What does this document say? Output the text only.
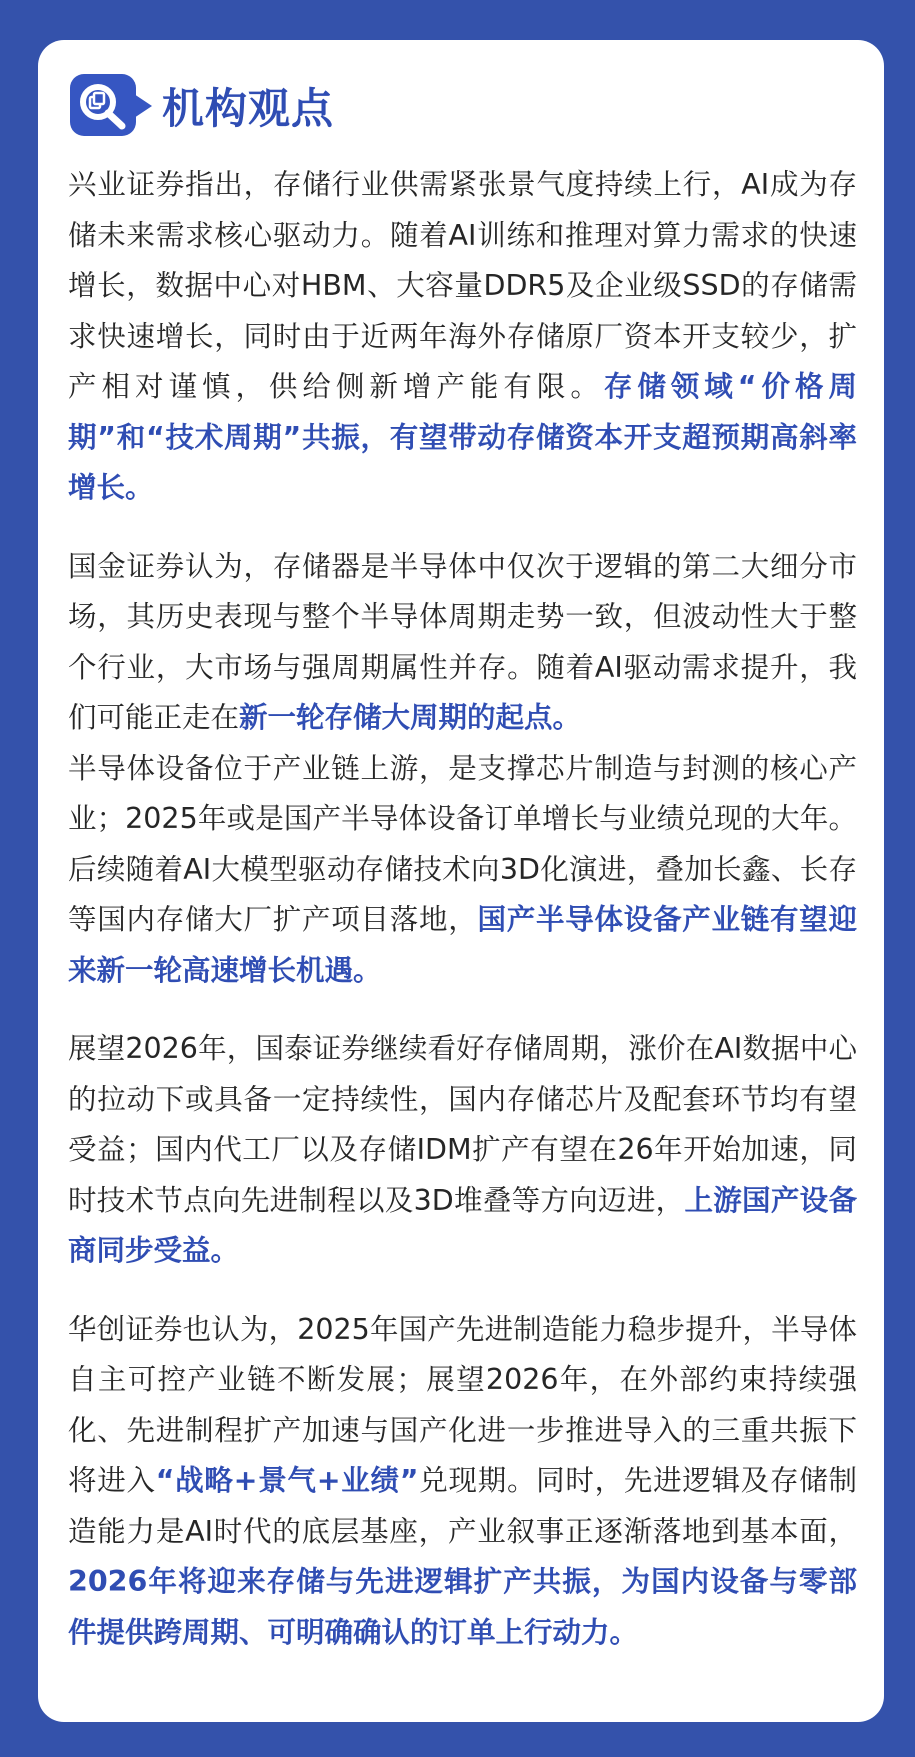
机构观点

兴业证券指出，存储行业供需紧张景气度持续上行，AI成为存储未来需求核心驱动力。随着AI训练和推理对算力需求的快速增长，数据中心对HBM、大容量DDR5及企业级SSD的存储需求快速增长，同时由于近两年海外存储原厂资本开支较少，扩产相对谨慎，供给侧新增产能有限。存储领域“价格周期”和“技术周期”共振，有望带动存储资本开支超预期高斜率增长。

国金证券认为，存储器是半导体中仅次于逻辑的第二大细分市场，其历史表现与整个半导体周期走势一致，但波动性大于整个行业，大市场与强周期属性并存。随着AI驱动需求提升，我们可能正走在新一轮存储大周期的起点。
半导体设备位于产业链上游，是支撑芯片制造与封测的核心产业；2025年或是国产半导体设备订单增长与业绩兑现的大年。后续随着AI大模型驱动存储技术向3D化演进，叠加长鑫、长存等国内存储大厂扩产项目落地，国产半导体设备产业链有望迎来新一轮高速增长机遇。

展望2026年，国泰证券继续看好存储周期，涨价在AI数据中心的拉动下或具备一定持续性，国内存储芯片及配套环节均有望受益；国内代工厂以及存储IDM扩产有望在26年开始加速，同时技术节点向先进制程以及3D堆叠等方向迈进，上游国产设备商同步受益。

华创证券也认为，2025年国产先进制造能力稳步提升，半导体自主可控产业链不断发展；展望2026年，在外部约束持续强化、先进制程扩产加速与国产化进一步推进导入的三重共振下将进入“战略+景气+业绩”兑现期。同时，先进逻辑及存储制造能力是AI时代的底层基座，产业叙事正逐渐落地到基本面，2026年将迎来存储与先进逻辑扩产共振，为国内设备与零部件提供跨周期、可明确确认的订单上行动力。
